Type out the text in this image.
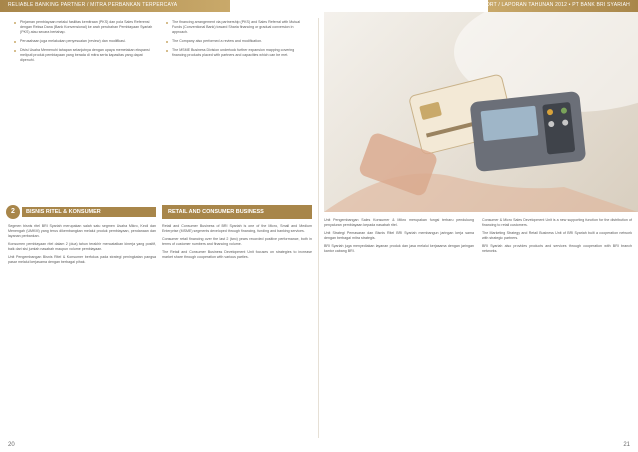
RELIABLE BANKING PARTNER / MITRA PERBANKAN TERPERCAYA	ANNUAL REPORT / LAPORAN TAHUNAN 2012 • PT BANK BRI SYARIAH
Pinjaman pembiayaan melalui fasilitas kemitraan (PKS) dan pola Sales Referensi dengan Reksa Dana (Bank Konvensional) ke arah perubahan Pembiayaan Syariah (PKS) atau secara bertahap.
Perusahaan juga melakukan penyesuaian (review) dan modifikasi.
Divisi Usaha Memenuhi tahapan selanjutnya dengan upaya memetakan ekspansi meliputi produk pembiayaan yang berada di mitra serta kapasitas yang dapat dipenuhi.
The financing arrangement via partnership (PKS) and Sales Referral with Mutual Funds (Conventional Bank) toward Sharia financing or gradual conversion in approach.
The Company also performed a review and modification.
The MSME Business Division undertook further expansion mapping covering financing products placed with partners and capacities which can be met.
2	BISNIS RITEL & KONSUMER	RETAIL AND CONSUMER BUSINESS

Segmen bisnis ritel BRI Syariah merupakan salah satu segmen Usaha Mikro, Kecil dan Menengah (UMKM) yang terus dikembangkan melalui produk pembiayaan, pendanaan dan layanan perbankan.

Konsumen pembiayaan ritel dalam 2 (dua) tahun terakhir mencatatkan kinerja yang positif, baik dari sisi jumlah nasabah maupun volume pembiayaan.

Unit Pengembangan Bisnis Ritel & Konsumer berfokus pada strategi peningkatan pangsa pasar melalui kerjasama dengan berbagai pihak.

Retail and Consumer Business of BRI Syariah is one of the Micro, Small and Medium Enterprise (MSME) segments developed through financing, funding and banking services.

Consumer retail financing over the last 2 (two) years recorded positive performance, both in terms of customer numbers and financing volume.

The Retail and Consumer Business Development Unit focuses on strategies to increase market share through cooperation with various parties.

Unit Pengembangan Sales Konsumer & Mikro merupakan fungsi terbaru pendukung penyaluran pembiayaan kepada nasabah ritel.

Unit Strategi Pemasaran dan Bisnis Ritel BRI Syariah membangun jaringan kerja sama dengan berbagai mitra strategis.

BRI Syariah juga menyediakan layanan produk dan jasa melalui kerjasama dengan jaringan kantor cabang BRI.

Consumer & Micro Sales Development Unit is a new supporting function for the distribution of financing to retail customers.

The Marketing Strategy and Retail Business Unit of BRI Syariah built a cooperation network with strategic partners.

BRI Syariah also provides products and services through cooperation with BRI branch networks.

20	21
